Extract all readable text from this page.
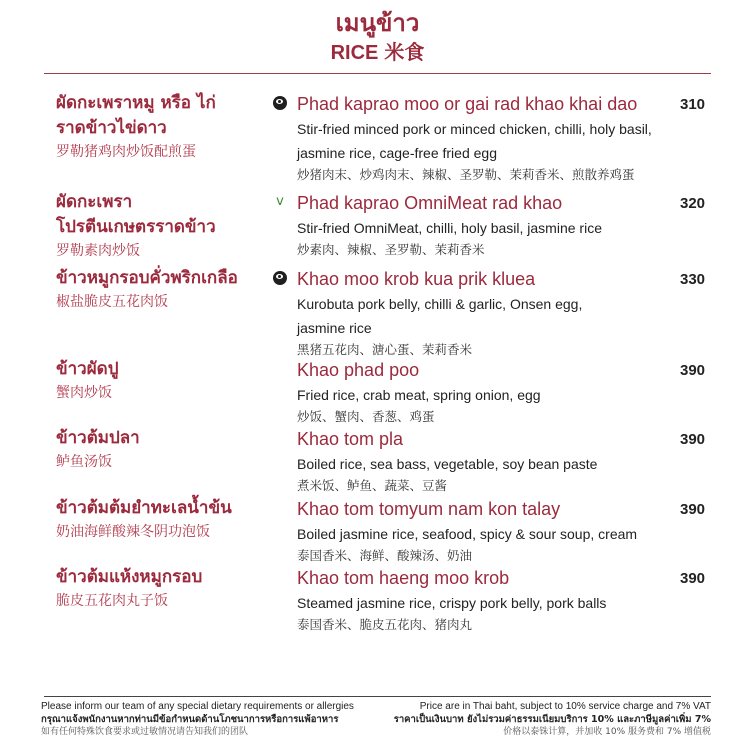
เมนูข้าว
RICE 米食
ผัดกะเพราหมู หรือ ไก่
ราดข้าวไข่ดาว
罗勒猪鸡肉炒饭配煎蛋
Phad kaprao moo or gai rad khao khai dao
Stir-fried minced pork or minced chicken, chilli, holy basil,
jasmine rice, cage-free fried egg
炒猪肉末、炒鸡肉末、辣椒、圣罗勒、茉莉香米、煎散养鸡蛋
310
ผัดกะเพรา
โปรตีนเกษตรราดข้าว
罗勒素肉炒饭
ⅴ Phad kaprao OmniMeat rad khao
Stir-fried OmniMeat, chilli, holy basil, jasmine rice
炒素肉、辣椒、圣罗勒、茉莉香米
320
ข้าวหมูกรอบคั่วพริกเกลือ
椒盐脆皮五花肉饭
Khao moo krob kua prik kluea
Kurobuta pork belly, chilli & garlic, Onsen egg,
jasmine rice
黑猪五花肉、溏心蛋、茉莉香米
330
ข้าวผัดปู
蟹肉炒饭
Khao phad poo
Fried rice, crab meat, spring onion, egg
炒饭、蟹肉、香葱、鸡蛋
390
ข้าวต้มปลา
鲈鱼汤饭
Khao tom pla
Boiled rice, sea bass, vegetable, soy bean paste
煮米饭、鲈鱼、蔬菜、豆酱
390
ข้าวต้มต้มยำทะเลน้ำข้น
奶油海鲜酸辣冬阴功泡饭
Khao tom tomyum nam kon talay
Boiled jasmine rice, seafood, spicy & sour soup, cream
泰国香米、海鲜、酸辣汤、奶油
390
ข้าวต้มแห้งหมูกรอบ
脆皮五花肉丸子饭
Khao tom haeng moo krob
Steamed jasmine rice, crispy pork belly, pork balls
泰国香米、脆皮五花肉、猪肉丸
390
Please inform our team of any special dietary requirements or allergies
กรุณาแจ้งพนักงานหากท่านมีข้อกำหนดด้านโภชนาการหรือการแพ้อาหาร
如有任何特殊饮食要求或过敏情况请告知我们的团队
Price are in Thai baht, subject to 10% service charge and 7% VAT
ราคาเป็นเงินบาท ยังไม่รวมค่าธรรมเนียมบริการ 10% และภาษีมูลค่าเพิ่ม 7%
价格以泰铢计算，并加收 10% 服务费和 7% 增值税
